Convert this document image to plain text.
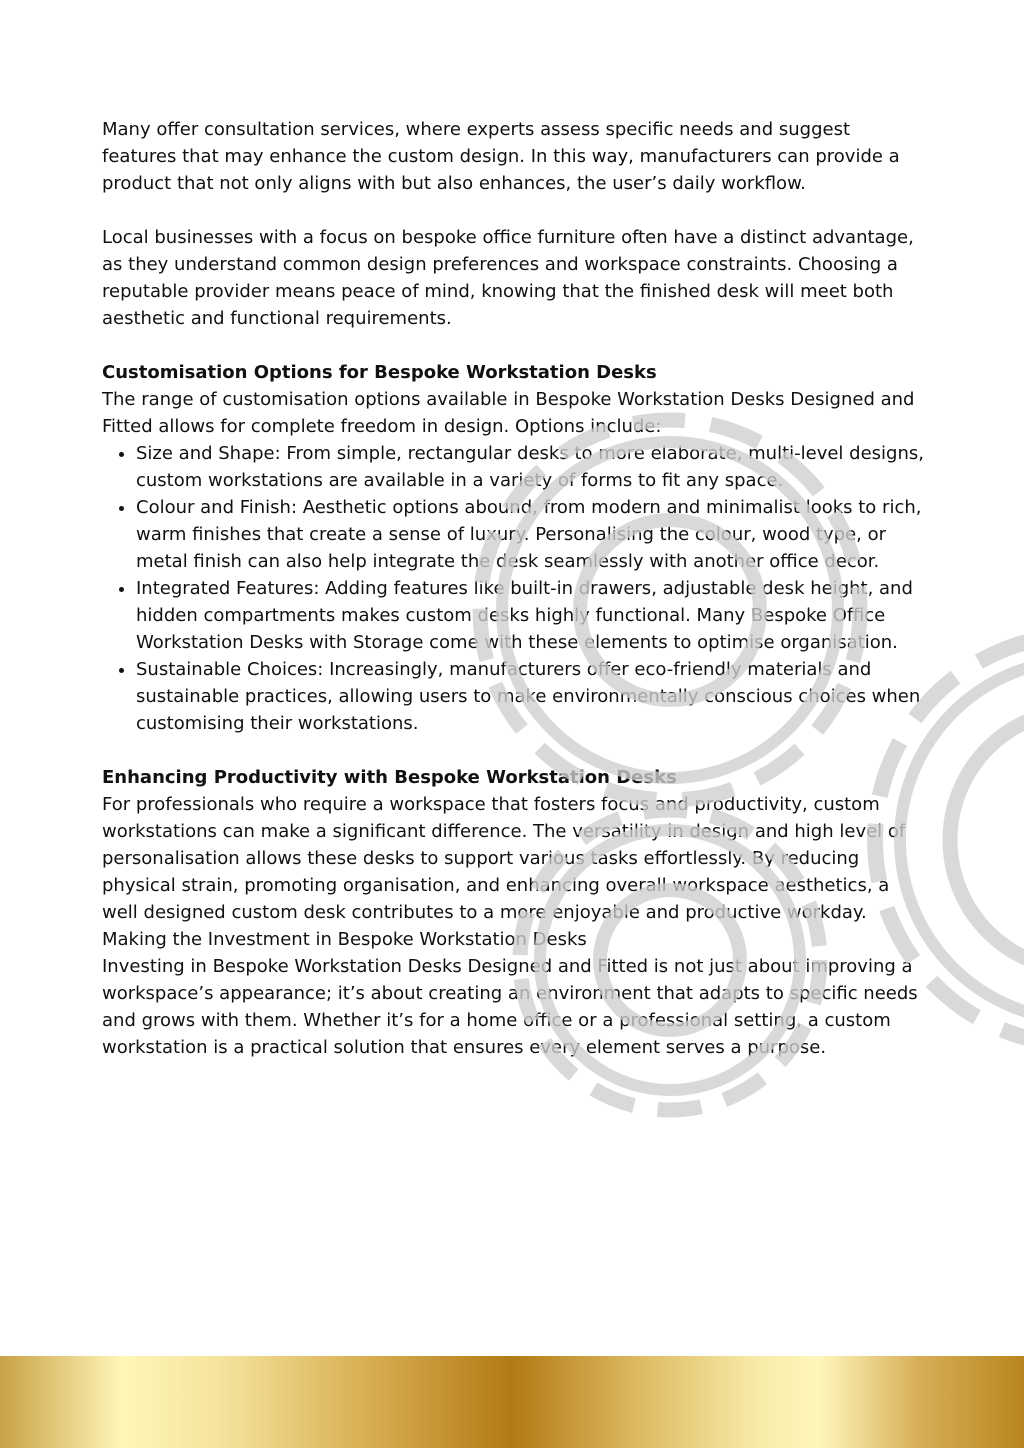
Many offer consultation services, where experts assess specific needs and suggest features that may enhance the custom design. In this way, manufacturers can provide a product that not only aligns with but also enhances, the user’s daily workflow.

Local businesses with a focus on bespoke office furniture often have a distinct advantage, as they understand common design preferences and workspace constraints. Choosing a reputable provider means peace of mind, knowing that the finished desk will meet both aesthetic and functional requirements.

Customisation Options for Bespoke Workstation Desks

The range of customisation options available in Bespoke Workstation Desks Designed and Fitted allows for complete freedom in design. Options include:

• Size and Shape: From simple, rectangular desks to more elaborate, multi-level designs, custom workstations are available in a variety of forms to fit any space.
• Colour and Finish: Aesthetic options abound, from modern and minimalist looks to rich, warm finishes that create a sense of luxury. Personalising the colour, wood type, or metal finish can also help integrate the desk seamlessly with another office decor.
• Integrated Features: Adding features like built-in drawers, adjustable desk height, and hidden compartments makes custom desks highly functional. Many Bespoke Office Workstation Desks with Storage come with these elements to optimise organisation.
• Sustainable Choices: Increasingly, manufacturers offer eco-friendly materials and sustainable practices, allowing users to make environmentally conscious choices when customising their workstations.

Enhancing Productivity with Bespoke Workstation Desks

For professionals who require a workspace that fosters focus and productivity, custom workstations can make a significant difference. The versatility in design and high level of personalisation allows these desks to support various tasks effortlessly. By reducing physical strain, promoting organisation, and enhancing overall workspace aesthetics, a well designed custom desk contributes to a more enjoyable and productive workday.

Making the Investment in Bespoke Workstation Desks

Investing in Bespoke Workstation Desks Designed and Fitted is not just about improving a workspace’s appearance; it’s about creating an environment that adapts to specific needs and grows with them. Whether it’s for a home office or a professional setting, a custom workstation is a practical solution that ensures every element serves a purpose.
